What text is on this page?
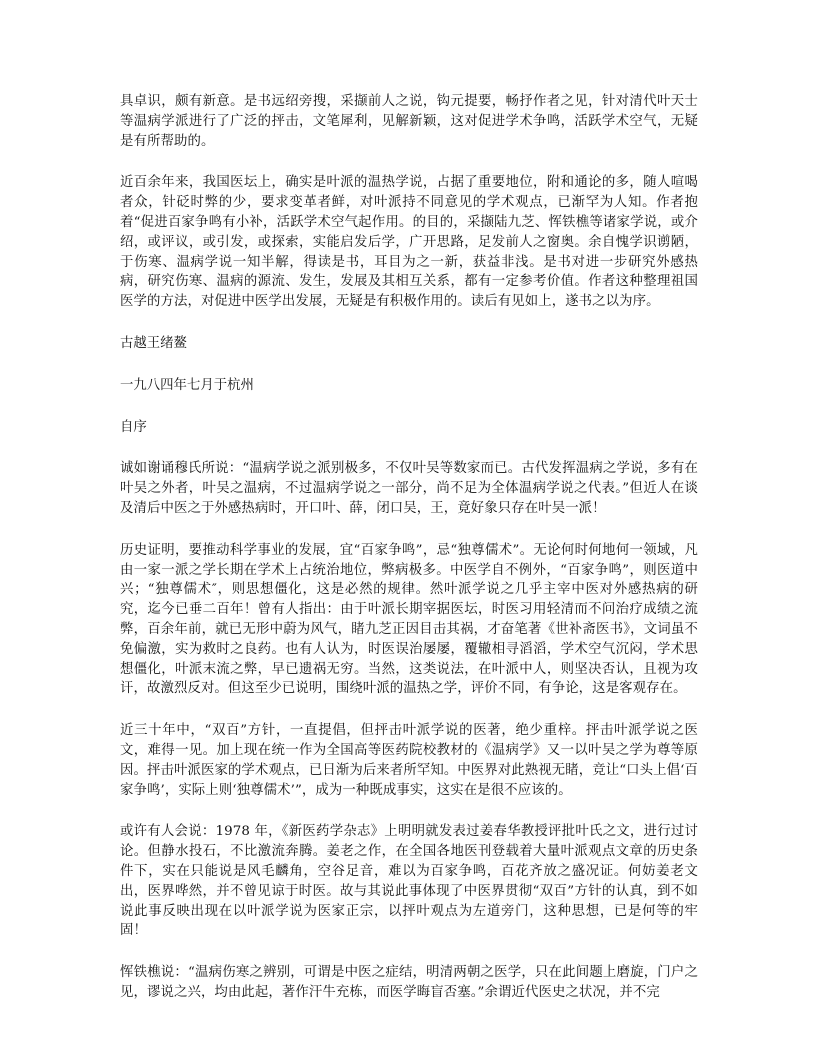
具卓识，颇有新意。是书远绍旁搜，采撷前人之说，钩元提要，畅抒作者之见，针对清代叶天士等温病学派进行了广泛的抨击，文笔犀利，见解新颖，这对促进学术争鸣，活跃学术空气，无疑是有所帮助的。

近百余年来，我国医坛上，确实是叶派的温热学说，占据了重要地位，附和通论的多，随人喧喝者众，针砭时弊的少，要求变革者鲜，对叶派持不同意见的学术观点，已渐罕为人知。作者抱着“促进百家争鸣有小补，活跃学术空气起作用。的目的，采撷陆九芝、恽铁樵等诸家学说，或介绍，或评议，或引发，或探索，实能启发后学，广开思路，足发前人之窗奥。余自愧学识谫陋，于伤寒、温病学说一知半解，得读是书，耳目为之一新，获益非浅。是书对进一步研究外感热病，研究伤寒、温病的源流、发生，发展及其相互关系，都有一定参考价值。作者这种整理祖国医学的方法，对促进中医学出发展，无疑是有积极作用的。读后有见如上，遂书之以为序。

古越王绪鳌

一九八四年七月于杭州

自序

诚如谢诵穆氏所说：“温病学说之派别极多，不仅叶吴等数家而已。古代发挥温病之学说，多有在叶吴之外者，叶吴之温病，不过温病学说之一部分，尚不足为全体温病学说之代表。”但近人在谈及清后中医之于外感热病时，开口叶、薛，闭口吴，王，竟好象只存在叶吴一派！

历史证明，要推动科学事业的发展，宜“百家争鸣”，忌“独尊儒术”。无论何时何地何一领域，凡由一家一派之学长期在学术上占统治地位，弊病极多。中医学自不例外，“百家争鸣”，则医道中兴；“独尊儒术″，则思想僵化，这是必然的规律。然叶派学说之几乎主宰中医对外感热病的研究，迄今已垂二百年！曾有人指出：由于叶派长期宰据医坛，时医习用轻清而不问治疗成绩之流弊，百余年前，就已无形中蔚为风气，睹九芝正因目击其祸，才奋笔著《世补斋医书》，文词虽不免偏激，实为救时之良药。也有人认为，时医误治屡屡，覆辙相寻滔滔，学术空气沉闷，学术思想僵化，叶派末流之弊，早已遗祸无穷。当然，这类说法，在叶派中人，则坚决否认，且视为攻讦，故激烈反对。但这至少已说明，围绕叶派的温热之学，评价不同，有争论，这是客观存在。

近三十年中，“双百”方针，一直提倡，但抨击叶派学说的医著，绝少重梓。抨击叶派学说之医文，难得一见。加上现在统一作为全国高等医药院校教材的《温病学》又一以叶吴之学为尊等原因。抨击叶派医家的学术观点，已日渐为后来者所罕知。中医界对此熟视无睹，竞让“口头上倡‘百家争鸣’，实际上则‘独尊儒术’”，成为一种既成事实，这实在是很不应该的。

或许有人会说：1978 年，《新医药学杂志》上明明就发表过姜春华教授评批叶氏之文，进行过讨论。但静水投石，不比激流奔腾。姜老之作，在全国各地医刊登载着大量叶派观点文章的历史条件下，实在只能说是风毛麟角，空谷足音，难以为百家争鸣，百花齐放之盛况证。何妨姜老文出，医界哗然，并不曾见谅于时医。故与其说此事体现了中医界贯彻“双百”方针的认真，到不如说此事反映出现在以叶派学说为医家正宗，以抨叶观点为左道旁门，这种思想，已是何等的牢固！

恽铁樵说：“温病伤寒之辨别，可谓是中医之症结，明清两朝之医学，只在此间题上磨旋，门户之见，谬说之兴，均由此起，著作汗牛充栋，而医学晦盲否塞。”余谓近代医史之状况，并不完
